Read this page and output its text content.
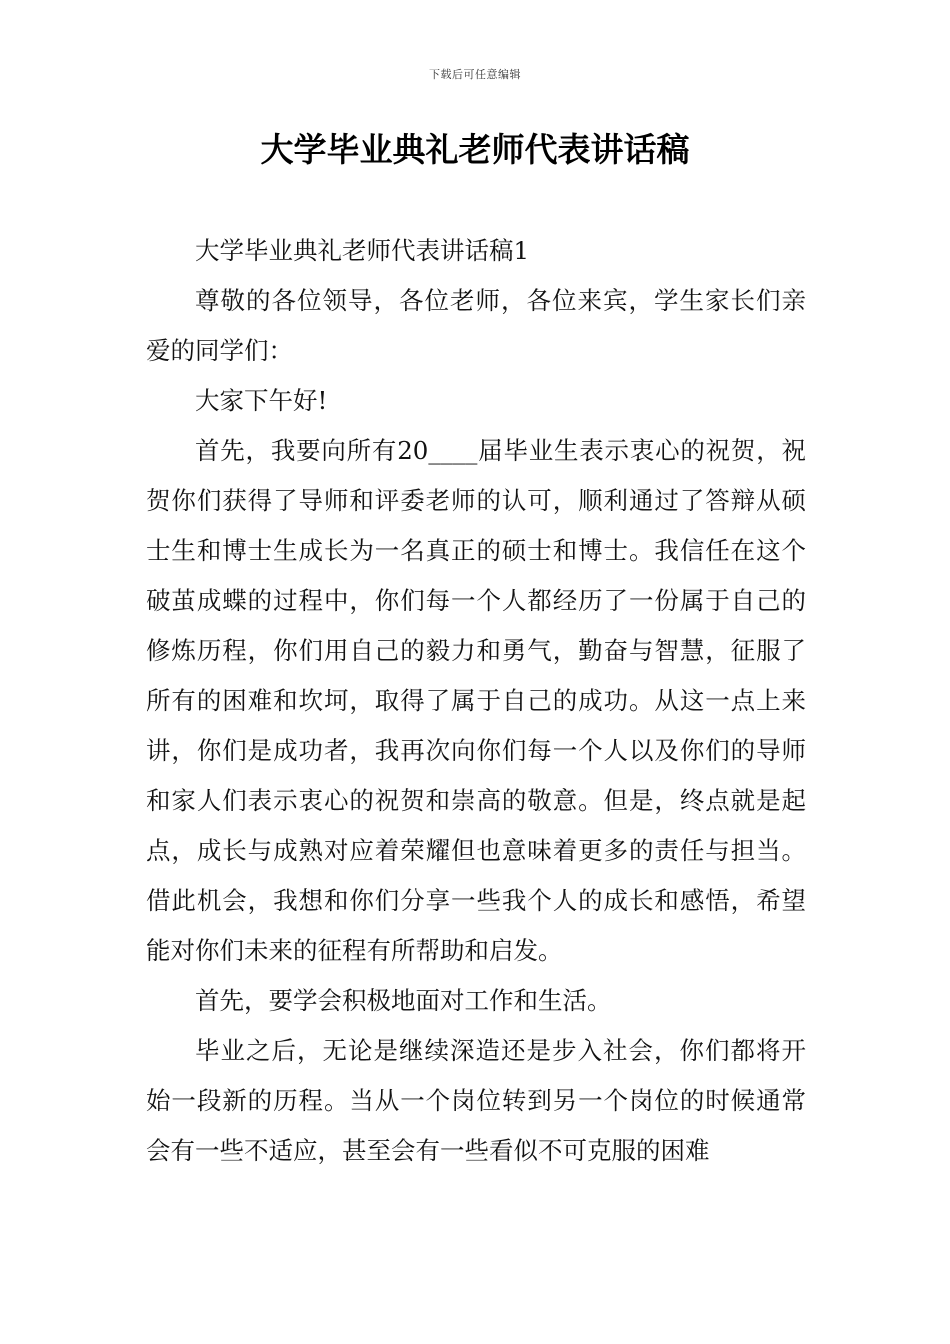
下载后可任意编辑
大学毕业典礼老师代表讲话稿

大学毕业典礼老师代表讲话稿1

尊敬的各位领导，各位老师，各位来宾，学生家长们亲爱的同学们：

大家下午好!

首先，我要向所有20____届毕业生表示衷心的祝贺，祝贺你们获得了导师和评委老师的认可，顺利通过了答辩从硕士生和博士生成长为一名真正的硕士和博士。我信任在这个破茧成蝶的过程中，你们每一个人都经历了一份属于自己的修炼历程，你们用自己的毅力和勇气，勤奋与智慧，征服了所有的困难和坎坷，取得了属于自己的成功。从这一点上来讲，你们是成功者，我再次向你们每一个人以及你们的导师和家人们表示衷心的祝贺和崇高的敬意。但是，终点就是起点，成长与成熟对应着荣耀但也意味着更多的责任与担当。借此机会，我想和你们分享一些我个人的成长和感悟，希望能对你们未来的征程有所帮助和启发。

首先，要学会积极地面对工作和生活。

毕业之后，无论是继续深造还是步入社会，你们都将开始一段新的历程。当从一个岗位转到另一个岗位的时候通常会有一些不适应，甚至会有一些看似不可克服的困难
